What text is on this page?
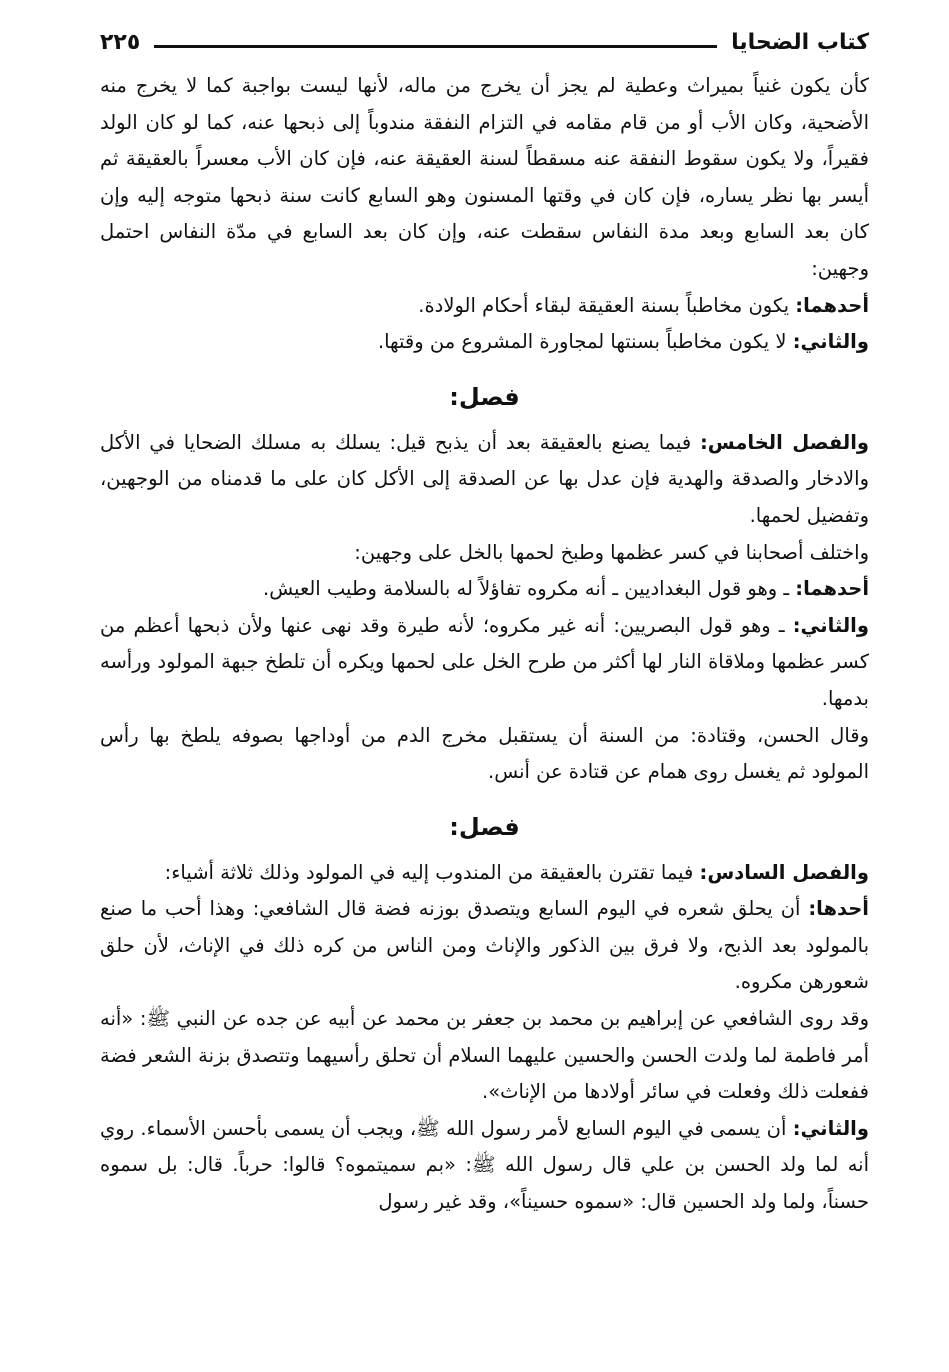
كتاب الضحايا
٢٢٥

كأن يكون غنياً بميراث وعطية لم يجز أن يخرج من ماله، لأنها ليست بواجبة كما لا يخرج منه الأضحية، وكان الأب أو من قام مقامه في التزام النفقة مندوباً إلى ذبحها عنه، كما لو كان الولد فقيراً، ولا يكون سقوط النفقة عنه مسقطاً لسنة العقيقة عنه، فإن كان الأب معسراً بالعقيقة ثم أيسر بها نظر يساره، فإن كان في وقتها المسنون وهو السابع كانت سنة ذبحها متوجه إليه وإن كان بعد السابع وبعد مدة النفاس سقطت عنه، وإن كان بعد السابع في مدّة النفاس احتمل وجهين:

أحدهما: يكون مخاطباً بسنة العقيقة لبقاء أحكام الولادة.

والثاني: لا يكون مخاطباً بسنتها لمجاورة المشروع من وقتها.

فصل:

والفصل الخامس: فيما يصنع بالعقيقة بعد أن يذبح قيل: يسلك به مسلك الضحايا في الأكل والادخار والصدقة والهدية فإن عدل بها عن الصدقة إلى الأكل كان على ما قدمناه من الوجهين، وتفضيل لحمها.

واختلف أصحابنا في كسر عظمها وطبخ لحمها بالخل على وجهين:

أحدهما: ـ وهو قول البغداديين ـ أنه مكروه تفاؤلاً له بالسلامة وطيب العيش.

والثاني: ـ وهو قول البصريين: أنه غير مكروه؛ لأنه طيرة وقد نهى عنها ولأن ذبحها أعظم من كسر عظمها وملاقاة النار لها أكثر من طرح الخل على لحمها ويكره أن تلطخ جبهة المولود ورأسه بدمها.

وقال الحسن، وقتادة: من السنة أن يستقبل مخرج الدم من أوداجها بصوفه يلطخ بها رأس المولود ثم يغسل روى همام عن قتادة عن أنس.

فصل:

والفصل السادس: فيما تقترن بالعقيقة من المندوب إليه في المولود وذلك ثلاثة أشياء:

أحدها: أن يحلق شعره في اليوم السابع ويتصدق بوزنه فضة قال الشافعي: وهذا أحب ما صنع بالمولود بعد الذبح، ولا فرق بين الذكور والإناث ومن الناس من كره ذلك في الإناث، لأن حلق شعورهن مكروه.

وقد روى الشافعي عن إبراهيم بن محمد بن جعفر بن محمد عن أبيه عن جده عن النبي ﷺ: «أنه أمر فاطمة لما ولدت الحسن والحسين عليهما السلام أن تحلق رأسيهما وتتصدق بزنة الشعر فضة ففعلت ذلك وفعلت في سائر أولادها من الإناث».

والثاني: أن يسمى في اليوم السابع لأمر رسول الله ﷺ، ويجب أن يسمى بأحسن الأسماء. روي أنه لما ولد الحسن بن علي قال رسول الله ﷺ: «بم سميتموه؟ قالوا: حرباً. قال: بل سموه حسناً، ولما ولد الحسين قال: «سموه حسيناً»، وقد غير رسول
